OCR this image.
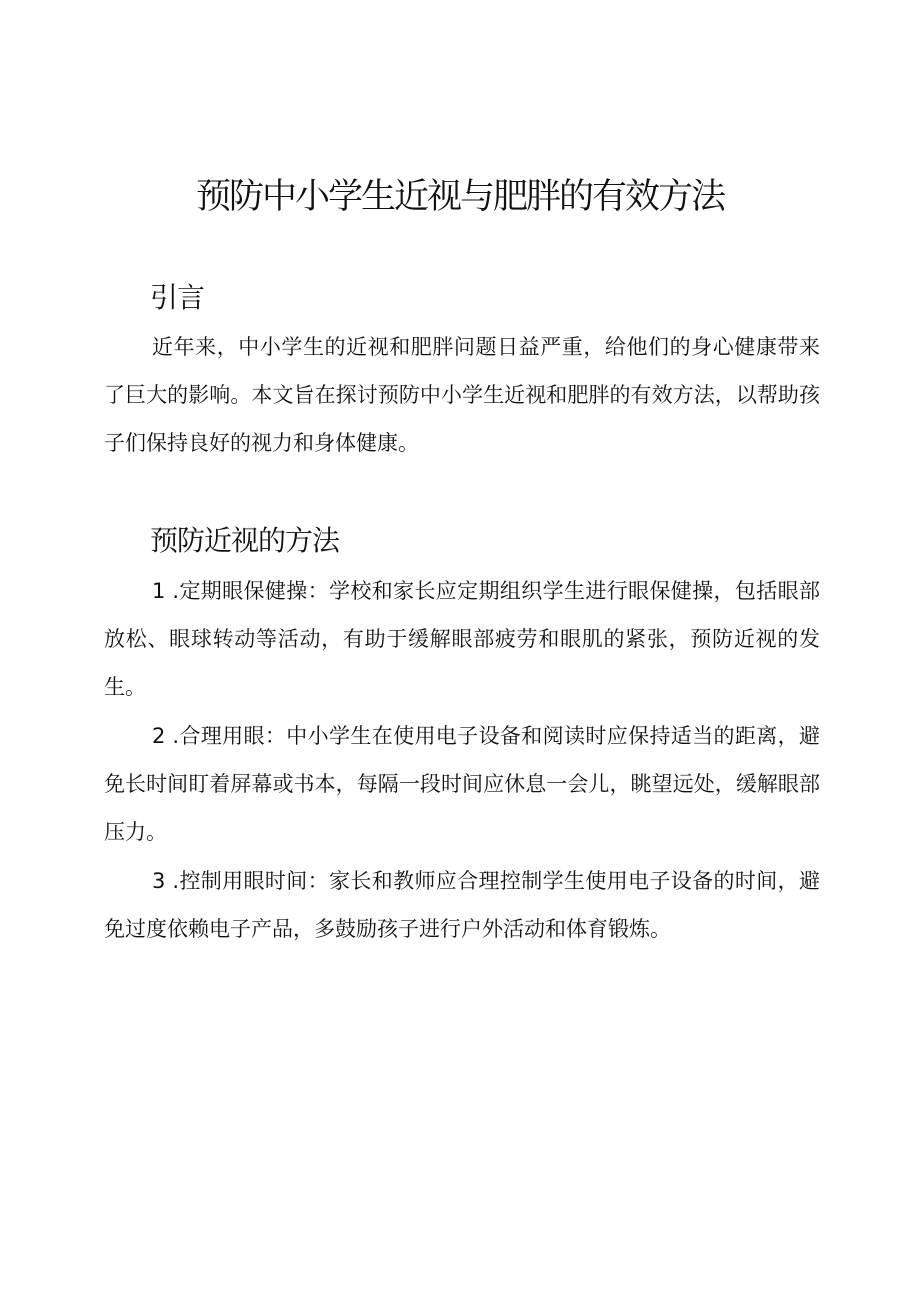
预防中小学生近视与肥胖的有效方法
引言

近年来，中小学生的近视和肥胖问题日益严重，给他们的身心健康带来了巨大的影响。本文旨在探讨预防中小学生近视和肥胖的有效方法，以帮助孩子们保持良好的视力和身体健康。

预防近视的方法

1 .定期眼保健操：学校和家长应定期组织学生进行眼保健操，包括眼部放松、眼球转动等活动，有助于缓解眼部疲劳和眼肌的紧张，预防近视的发生。

2 .合理用眼：中小学生在使用电子设备和阅读时应保持适当的距离，避免长时间盯着屏幕或书本，每隔一段时间应休息一会儿，眺望远处，缓解眼部压力。

3 .控制用眼时间：家长和教师应合理控制学生使用电子设备的时间，避免过度依赖电子产品，多鼓励孩子进行户外活动和体育锻炼。
